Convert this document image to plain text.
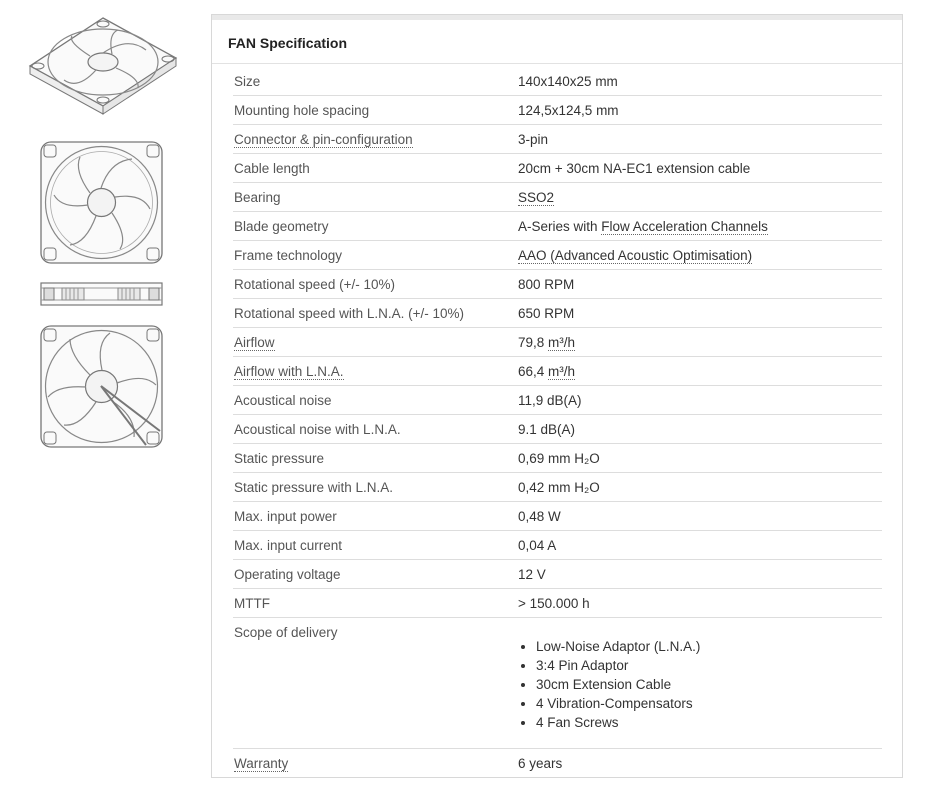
FAN Specification
Size	140x140x25 mm
Mounting hole spacing	124,5x124,5 mm
Connector & pin-configuration	3-pin
Cable length	20cm + 30cm NA-EC1 extension cable
Bearing	SSO2
Blade geometry	A-Series with Flow Acceleration Channels
Frame technology	AAO (Advanced Acoustic Optimisation)
Rotational speed (+/- 10%)	800 RPM
Rotational speed with L.N.A. (+/- 10%)	650 RPM
Airflow	79,8 m³/h
Airflow with L.N.A.	66,4 m³/h
Acoustical noise	11,9 dB(A)
Acoustical noise with L.N.A.	9.1 dB(A)
Static pressure	0,69 mm H₂O
Static pressure with L.N.A.	0,42 mm H₂O
Max. input power	0,48 W
Max. input current	0,04 A
Operating voltage	12 V
MTTF	> 150.000 h
Scope of delivery
• Low-Noise Adaptor (L.N.A.)
• 3:4 Pin Adaptor
• 30cm Extension Cable
• 4 Vibration-Compensators
• 4 Fan Screws
Warranty	6 years
